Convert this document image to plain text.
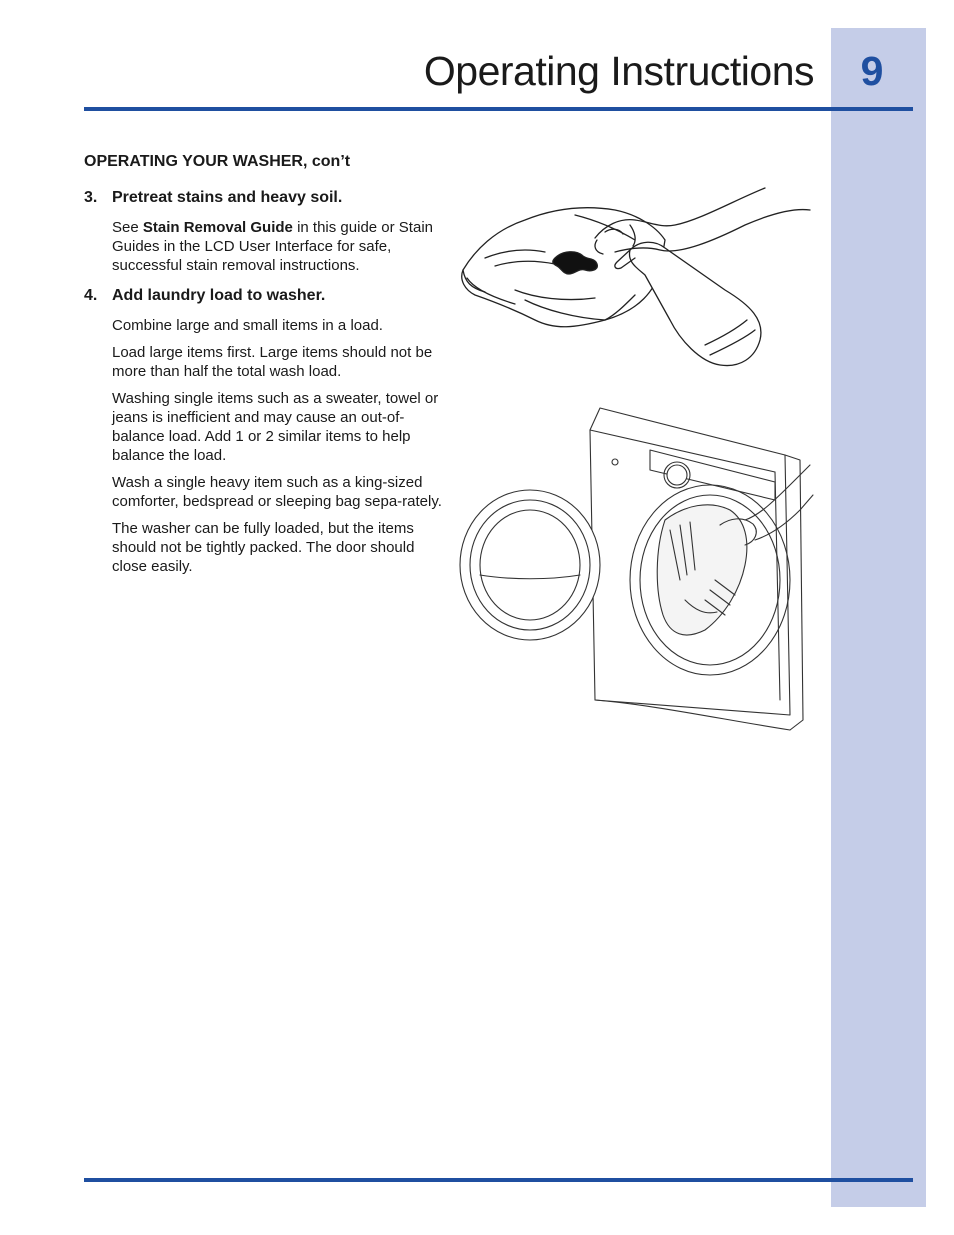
Operating Instructions	9
OPERATING YOUR WASHER, con’t
3. Pretreat stains and heavy soil.

See Stain Removal Guide in this guide or Stain Guides in the LCD User Interface for safe, successful stain removal instructions.

4. Add laundry load to washer.

Combine large and small items in a load.

Load large items first. Large items should not be more than half the total wash load.

Washing single items such as a sweater, towel or jeans is inefficient and may cause an out-of-balance load. Add 1 or 2 similar items to help balance the load.

Wash a single heavy item such as a king-sized comforter, bedspread or sleeping bag sepa-rately.

The washer can be fully loaded, but the items should not be tightly packed. The door should close easily.
